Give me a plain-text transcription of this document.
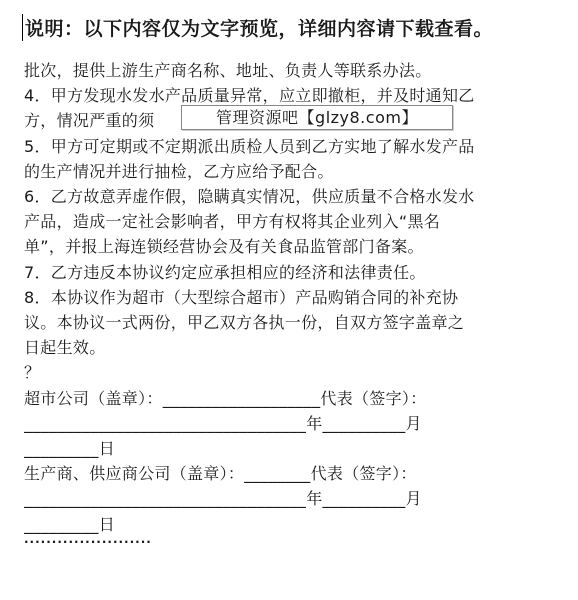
说明：以下内容仅为文字预览，详细内容请下载查看。

批次，提供上游生产商名称、地址、负责人等联系办法。

4．甲方发现水发水产品质量异常，应立即撤柜，并及时通知乙

方，情况严重的须

5．甲方可定期或不定期派出质检人员到乙方实地了解水发产品

的生产情况并进行抽检，乙方应给予配合。

6．乙方故意弄虚作假，隐瞒真实情况，供应质量不合格水发水

产品，造成一定社会影响者，甲方有权将其企业列入“黑名

单”，并报上海连锁经营协会及有关食品监管部门备案。

7．乙方违反本协议约定应承担相应的经济和法律责任。

8．本协议作为超市（大型综合超市）产品购销合同的补充协

议。本协议一式两份，甲乙双方各执一份，自双方签字盖章之

日起生效。

？

超市公司（盖章）：___________________代表（签字）：

__________________________________年__________月

_________日

生产商、供应商公司（盖章）：________代表（签字）：

__________________________________年__________月

_________日

管理资源吧【glzy8.com】
·······················
